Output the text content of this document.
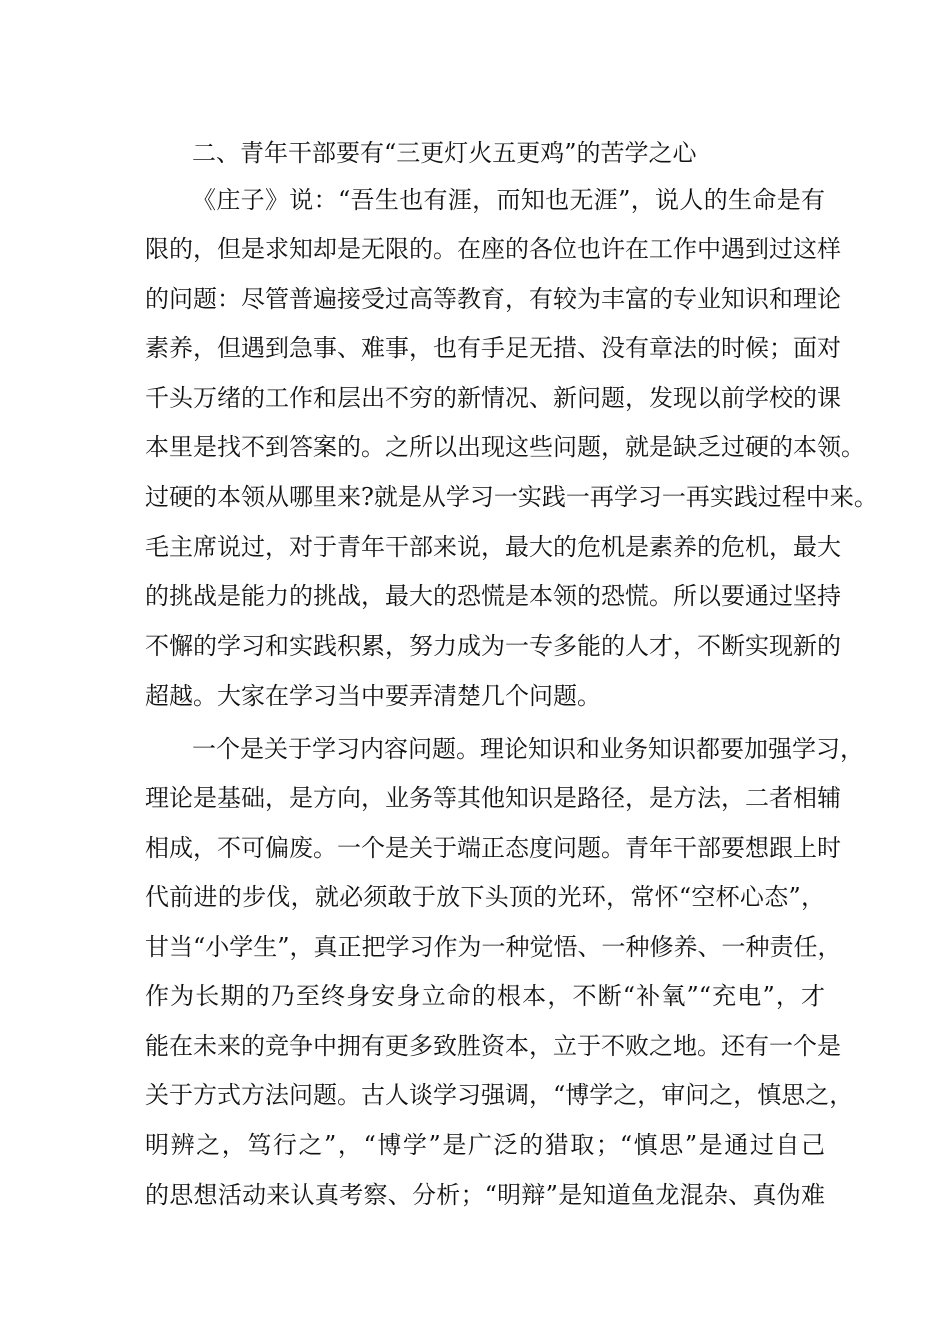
二、青年干部要有“三更灯火五更鸡”的苦学之心
《庄子》说：“吾生也有涯，而知也无涯”，说人的生命是有
限的，但是求知却是无限的。在座的各位也许在工作中遇到过这样
的问题：尽管普遍接受过高等教育，有较为丰富的专业知识和理论
素养，但遇到急事、难事，也有手足无措、没有章法的时候；面对
千头万绪的工作和层出不穷的新情况、新问题，发现以前学校的课
本里是找不到答案的。之所以出现这些问题，就是缺乏过硬的本领。
过硬的本领从哪里来?就是从学习一实践一再学习一再实践过程中来。
毛主席说过，对于青年干部来说，最大的危机是素养的危机，最大
的挑战是能力的挑战，最大的恐慌是本领的恐慌。所以要通过坚持
不懈的学习和实践积累，努力成为一专多能的人才，不断实现新的
超越。大家在学习当中要弄清楚几个问题。
一个是关于学习内容问题。理论知识和业务知识都要加强学习，
理论是基础，是方向，业务等其他知识是路径，是方法，二者相辅
相成，不可偏废。一个是关于端正态度问题。青年干部要想跟上时
代前进的步伐，就必须敢于放下头顶的光环，常怀“空杯心态”，
甘当“小学生”，真正把学习作为一种觉悟、一种修养、一种责任，
作为长期的乃至终身安身立命的根本，不断“补氧”“充电”，才
能在未来的竞争中拥有更多致胜资本，立于不败之地。还有一个是
关于方式方法问题。古人谈学习强调，“博学之，审问之，慎思之，
明辨之，笃行之”，“博学”是广泛的猎取；“慎思”是通过自己
的思想活动来认真考察、分析；“明辩”是知道鱼龙混杂、真伪难
